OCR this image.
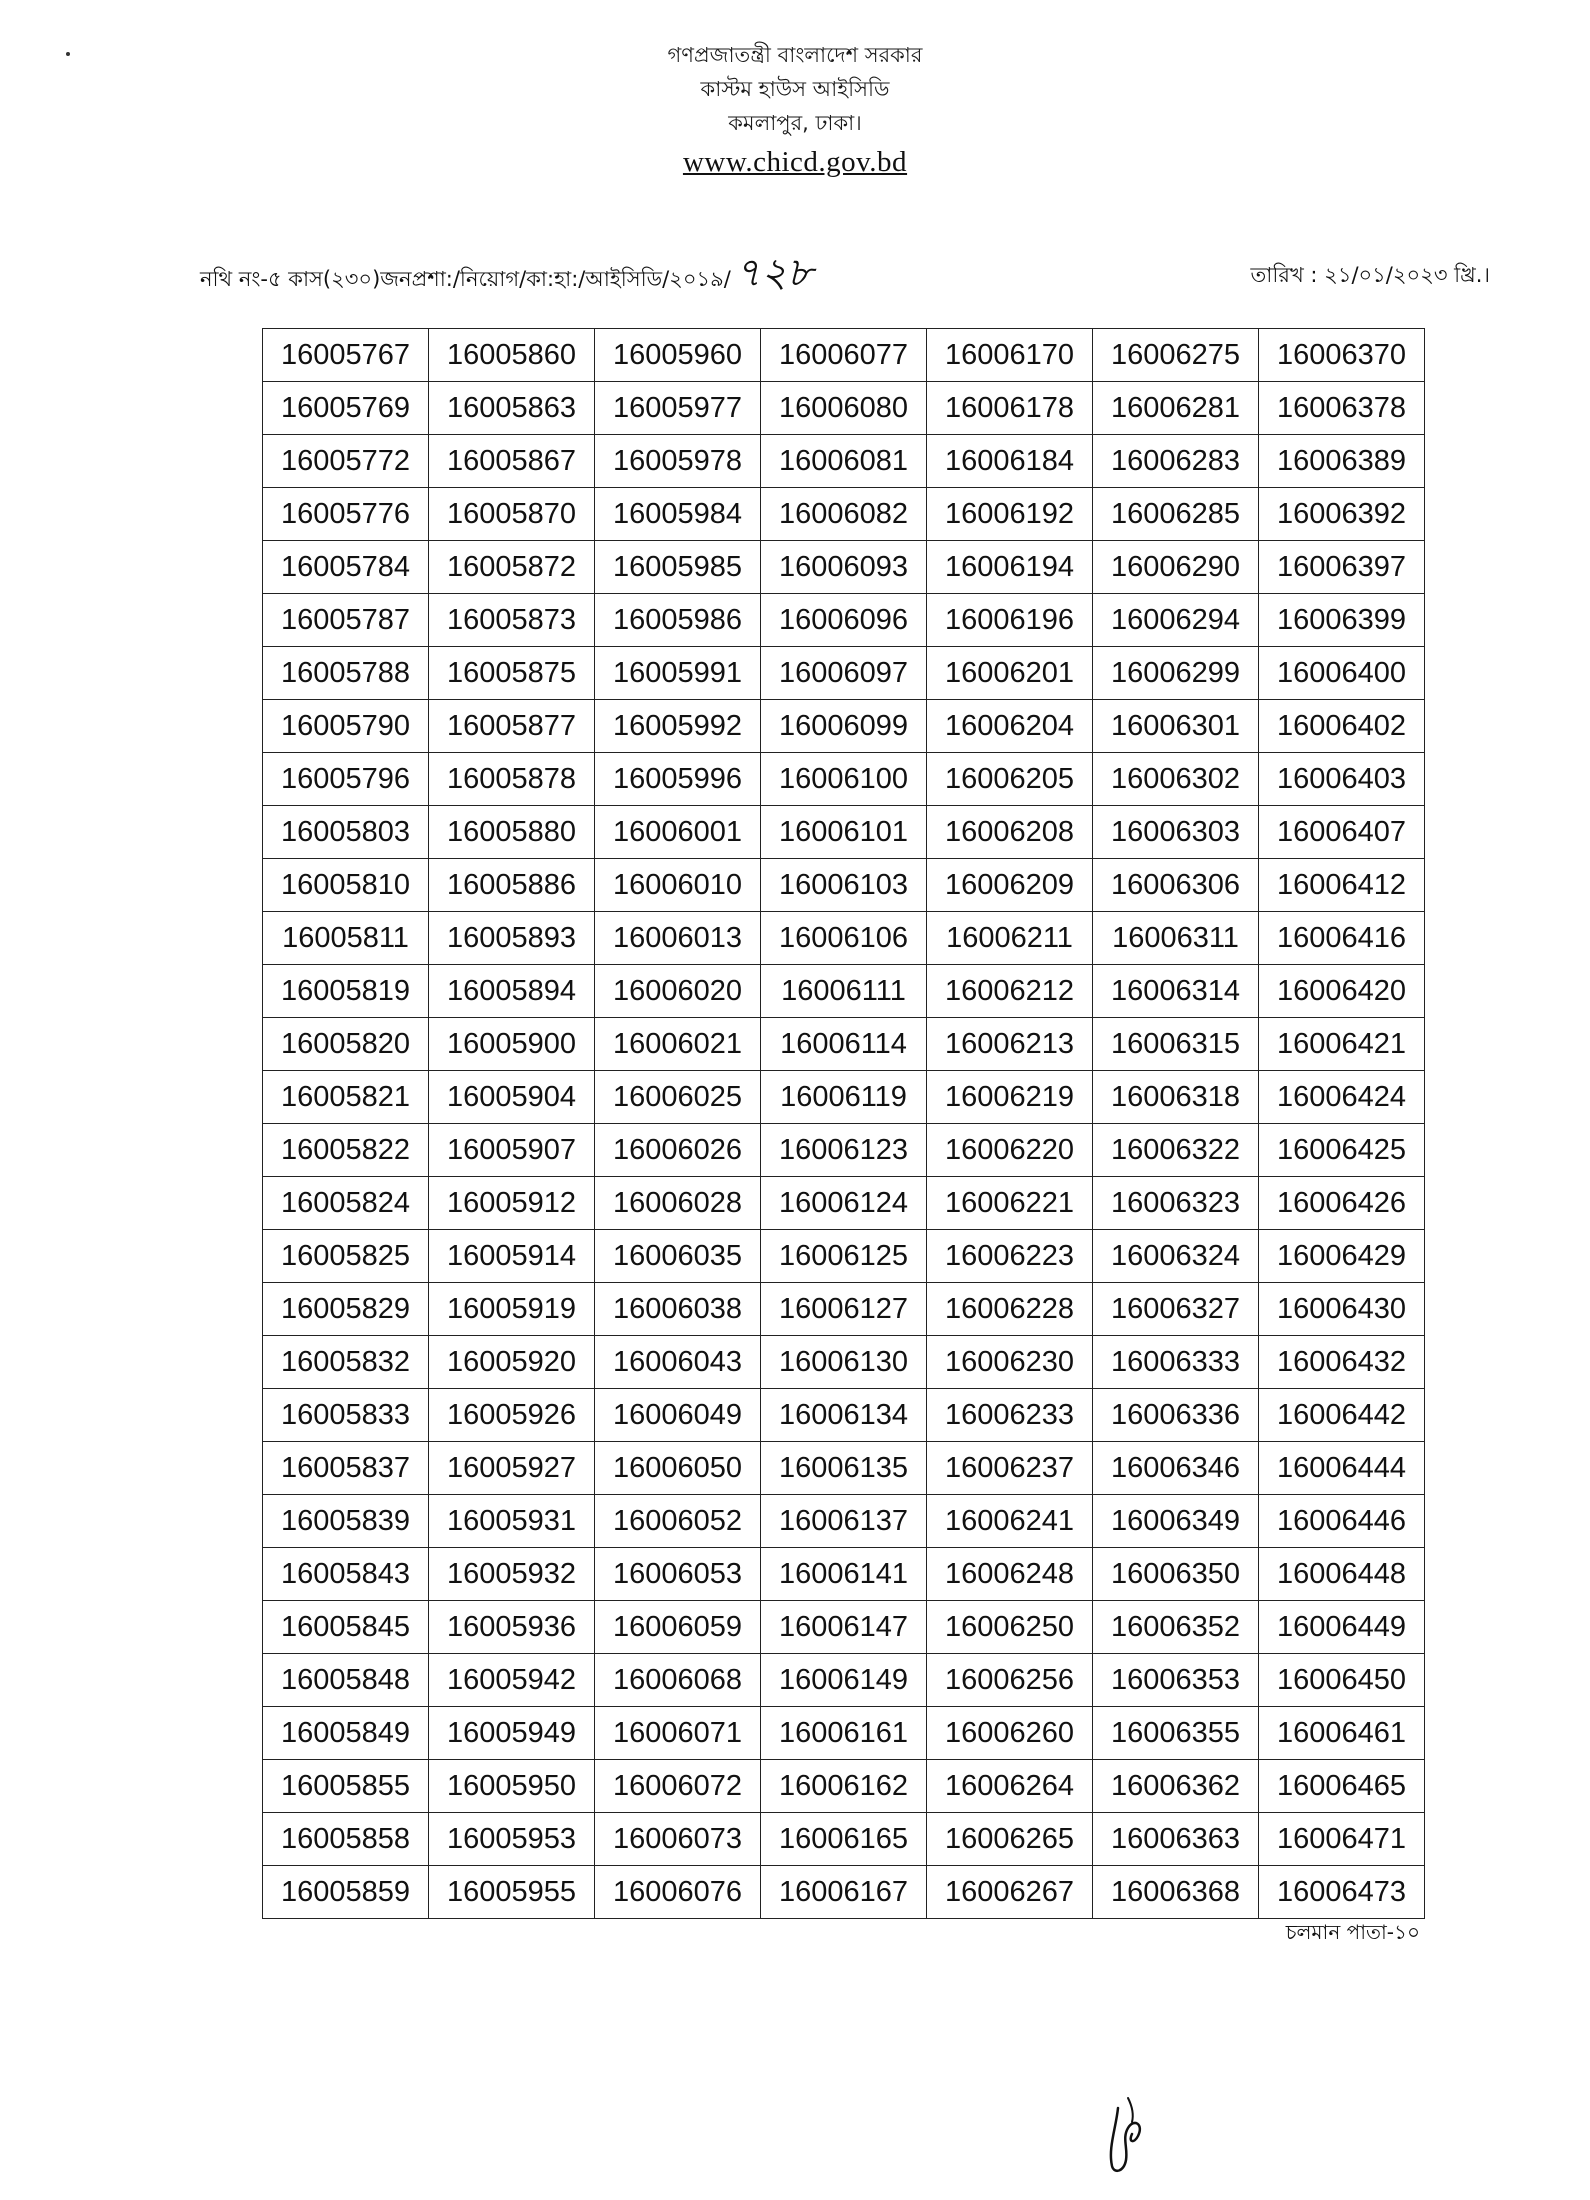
গণপ্রজাতন্ত্রী বাংলাদেশ সরকার
কাস্টম হাউস আইসিডি
কমলাপুর, ঢাকা।
www.chicd.gov.bd
নথি নং-৫ কাস(২৩০)জনপ্রশা:/নিয়োগ/কা:হা:/আইসিডি/২০১৯/ ৭২৮	তারিখ : ২১/০১/২০২৩ খ্রি.।
16005767	16005860	16005960	16006077	16006170	16006275	16006370
16005769	16005863	16005977	16006080	16006178	16006281	16006378
16005772	16005867	16005978	16006081	16006184	16006283	16006389
16005776	16005870	16005984	16006082	16006192	16006285	16006392
16005784	16005872	16005985	16006093	16006194	16006290	16006397
16005787	16005873	16005986	16006096	16006196	16006294	16006399
16005788	16005875	16005991	16006097	16006201	16006299	16006400
16005790	16005877	16005992	16006099	16006204	16006301	16006402
16005796	16005878	16005996	16006100	16006205	16006302	16006403
16005803	16005880	16006001	16006101	16006208	16006303	16006407
16005810	16005886	16006010	16006103	16006209	16006306	16006412
16005811	16005893	16006013	16006106	16006211	16006311	16006416
16005819	16005894	16006020	16006111	16006212	16006314	16006420
16005820	16005900	16006021	16006114	16006213	16006315	16006421
16005821	16005904	16006025	16006119	16006219	16006318	16006424
16005822	16005907	16006026	16006123	16006220	16006322	16006425
16005824	16005912	16006028	16006124	16006221	16006323	16006426
16005825	16005914	16006035	16006125	16006223	16006324	16006429
16005829	16005919	16006038	16006127	16006228	16006327	16006430
16005832	16005920	16006043	16006130	16006230	16006333	16006432
16005833	16005926	16006049	16006134	16006233	16006336	16006442
16005837	16005927	16006050	16006135	16006237	16006346	16006444
16005839	16005931	16006052	16006137	16006241	16006349	16006446
16005843	16005932	16006053	16006141	16006248	16006350	16006448
16005845	16005936	16006059	16006147	16006250	16006352	16006449
16005848	16005942	16006068	16006149	16006256	16006353	16006450
16005849	16005949	16006071	16006161	16006260	16006355	16006461
16005855	16005950	16006072	16006162	16006264	16006362	16006465
16005858	16005953	16006073	16006165	16006265	16006363	16006471
16005859	16005955	16006076	16006167	16006267	16006368	16006473
চলমান পাতা-১০
